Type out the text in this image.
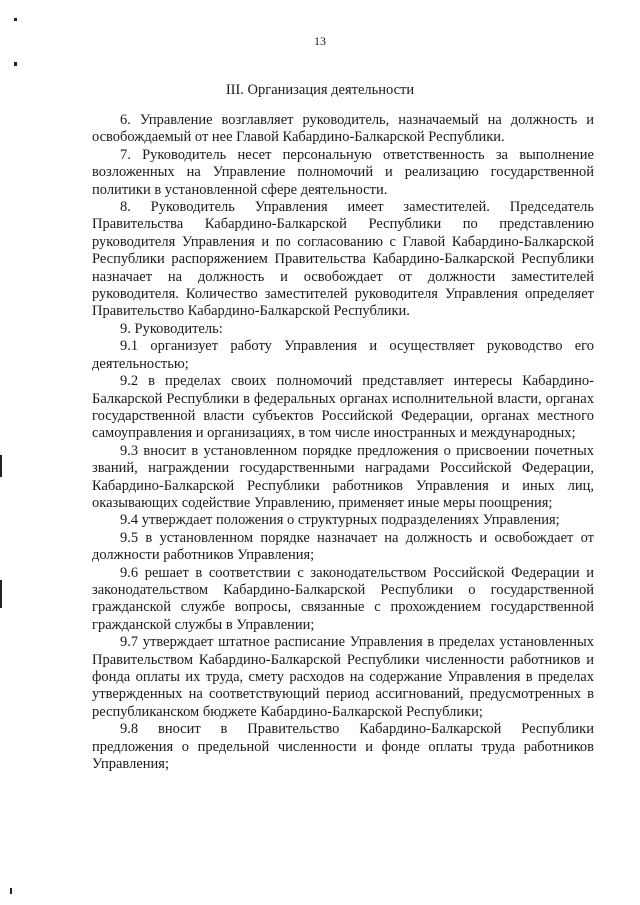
13
III. Организация деятельности

6. Управление возглавляет руководитель, назначаемый на должность и освобождаемый от нее Главой Кабардино-Балкарской Республики.

7. Руководитель несет персональную ответственность за выполнение возложенных на Управление полномочий и реализацию государственной политики в установленной сфере деятельности.

8. Руководитель Управления имеет заместителей. Председатель Правительства Кабардино-Балкарской Республики по представлению руководителя Управления и по согласованию с Главой Кабардино-Балкарской Республики распоряжением Правительства Кабардино-Балкарской Республики назначает на должность и освобождает от должности заместителей руководителя. Количество заместителей руководителя Управления определяет Правительство Кабардино-Балкарской Республики.

9. Руководитель:

9.1 организует работу Управления и осуществляет руководство его деятельностью;

9.2 в пределах своих полномочий представляет интересы Кабардино-Балкарской Республики в федеральных органах исполнительной власти, органах государственной власти субъектов Российской Федерации, органах местного самоуправления и организациях, в том числе иностранных и международных;

9.3 вносит в установленном порядке предложения о присвоении почетных званий, награждении государственными наградами Российской Федерации, Кабардино-Балкарской Республики работников Управления и иных лиц, оказывающих содействие Управлению, применяет иные меры поощрения;

9.4 утверждает положения о структурных подразделениях Управления;

9.5 в установленном порядке назначает на должность и освобождает от должности работников Управления;

9.6 решает в соответствии с законодательством Российской Федерации и законодательством Кабардино-Балкарской Республики о государственной гражданской службе вопросы, связанные с прохождением государственной гражданской службы в Управлении;

9.7 утверждает штатное расписание Управления в пределах установленных Правительством Кабардино-Балкарской Республики численности работников и фонда оплаты их труда, смету расходов на содержание Управления в пределах утвержденных на соответствующий период ассигнований, предусмотренных в республиканском бюджете Кабардино-Балкарской Республики;

9.8 вносит в Правительство Кабардино-Балкарской Республики предложения о предельной численности и фонде оплаты труда работников Управления;
